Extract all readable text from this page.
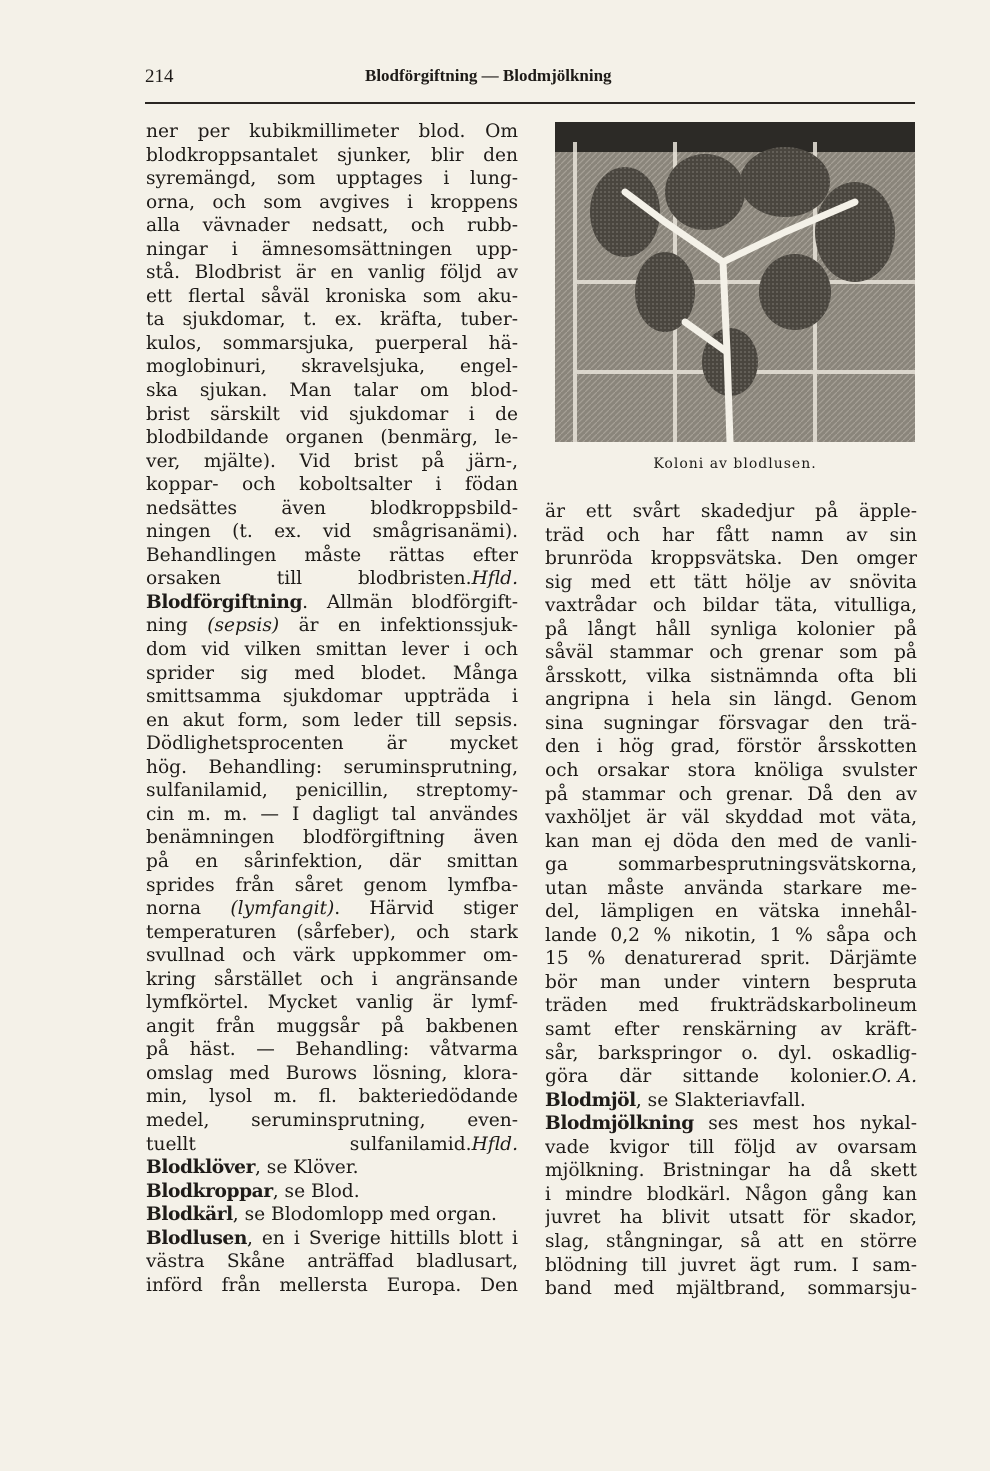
214	Blodförgiftning — Blodmjölkning
ner per kubikmillimeter blod. Om
blodkroppsantalet sjunker, blir den
syremängd, som upptages i lung-
orna, och som avgives i kroppens
alla vävnader nedsatt, och rubb-
ningar i ämnesomsättningen upp-
stå. Blodbrist är en vanlig följd av
ett flertal såväl kroniska som aku-
ta sjukdomar, t. ex. kräfta, tuber-
kulos, sommarsjuka, puerperal hä-
moglobinuri, skravelsjuka, engel-
ska sjukan. Man talar om blod-
brist särskilt vid sjukdomar i de
blodbildande organen (benmärg, le-
ver, mjälte). Vid brist på järn-,
koppar- och koboltsalter i födan
nedsättes även blodkroppsbild-
ningen (t. ex. vid smågrisanämi).
Behandlingen måste rättas efter
orsaken till blodbristen. Hfld.
Blodförgiftning. Allmän blodförgift-
ning (sepsis) är en infektionssjuk-
dom vid vilken smittan lever i och
sprider sig med blodet. Många
smittsamma sjukdomar uppträda i
en akut form, som leder till sepsis.
Dödlighetsprocenten är mycket
hög. Behandling: seruminsprutning,
sulfanilamid, penicillin, streptomy-
cin m. m. — I dagligt tal användes
benämningen blodförgiftning även
på en sårinfektion, där smittan
sprides från såret genom lymfba-
norna (lymfangit). Härvid stiger
temperaturen (sårfeber), och stark
svullnad och värk uppkommer om-
kring sårstället och i angränsande
lymfkörtel. Mycket vanlig är lymf-
angit från muggsår på bakbenen
på häst. — Behandling: våtvarma
omslag med Burows lösning, klora-
min, lysol m. fl. bakteriedödande
medel, seruminsprutning, even-
tuellt sulfanilamid. Hfld.
Blodklöver, se Klöver.
Blodkroppar, se Blod.
Blodkärl, se Blodomlopp med organ.
Blodlusen, en i Sverige hittills blott i
västra Skåne anträffad bladlusart,
införd från mellersta Europa. Den
Koloni av blodlusen.
är ett svårt skadedjur på äpple-
träd och har fått namn av sin
brunröda kroppsvätska. Den omger
sig med ett tätt hölje av snövita
vaxtrådar och bildar täta, vitulliga,
på långt håll synliga kolonier på
såväl stammar och grenar som på
årsskott, vilka sistnämnda ofta bli
angripna i hela sin längd. Genom
sina sugningar försvagar den trä-
den i hög grad, förstör årsskotten
och orsakar stora knöliga svulster
på stammar och grenar. Då den av
vaxhöljet är väl skyddad mot väta,
kan man ej döda den med de vanli-
ga sommarbesprutningsvätskorna,
utan måste använda starkare me-
del, lämpligen en vätska innehål-
lande 0,2 % nikotin, 1 % såpa och
15 % denaturerad sprit. Därjämte
bör man under vintern bespruta
träden med frukträdskarbolineum
samt efter renskärning av kräft-
sår, barkspringor o. dyl. oskadlig-
göra där sittande kolonier. O. A.
Blodmjöl, se Slakteriavfall.
Blodmjölkning ses mest hos nykal-
vade kvigor till följd av ovarsam
mjölkning. Bristningar ha då skett
i mindre blodkärl. Någon gång kan
juvret ha blivit utsatt för skador,
slag, stångningar, så att en större
blödning till juvret ägt rum. I sam-
band med mjältbrand, sommarsju-
